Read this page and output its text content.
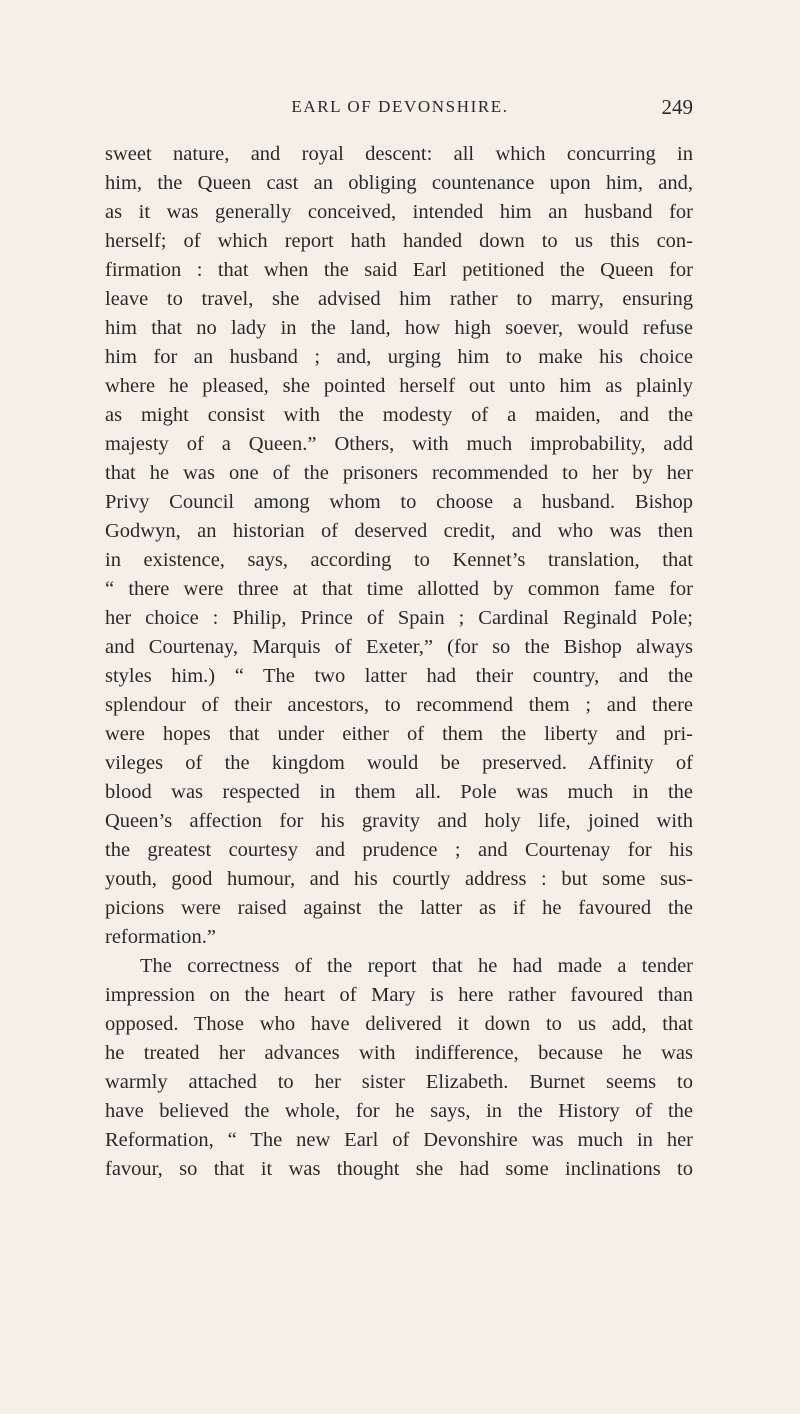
EARL OF DEVONSHIRE.	249
sweet nature, and royal descent: all which concurring in
him, the Queen cast an obliging countenance upon him, and,
as it was generally conceived, intended him an husband for
herself; of which report hath handed down to us this con-
firmation : that when the said Earl petitioned the Queen for
leave to travel, she advised him rather to marry, ensuring
him that no lady in the land, how high soever, would refuse
him for an husband ; and, urging him to make his choice
where he pleased, she pointed herself out unto him as plainly
as might consist with the modesty of a maiden, and the
majesty of a Queen.” Others, with much improbability, add
that he was one of the prisoners recommended to her by her
Privy Council among whom to choose a husband. Bishop
Godwyn, an historian of deserved credit, and who was then
in existence, says, according to Kennet’s translation, that
“ there were three at that time allotted by common fame for
her choice : Philip, Prince of Spain ; Cardinal Reginald Pole;
and Courtenay, Marquis of Exeter,” (for so the Bishop always
styles him.) “ The two latter had their country, and the
splendour of their ancestors, to recommend them ; and there
were hopes that under either of them the liberty and pri-
vileges of the kingdom would be preserved. Affinity of
blood was respected in them all. Pole was much in the
Queen’s affection for his gravity and holy life, joined with
the greatest courtesy and prudence ; and Courtenay for his
youth, good humour, and his courtly address : but some sus-
picions were raised against the latter as if he favoured the
reformation.”
The correctness of the report that he had made a tender
impression on the heart of Mary is here rather favoured than
opposed. Those who have delivered it down to us add, that
he treated her advances with indifference, because he was
warmly attached to her sister Elizabeth. Burnet seems to
have believed the whole, for he says, in the History of the
Reformation, “ The new Earl of Devonshire was much in her
favour, so that it was thought she had some inclinations to
